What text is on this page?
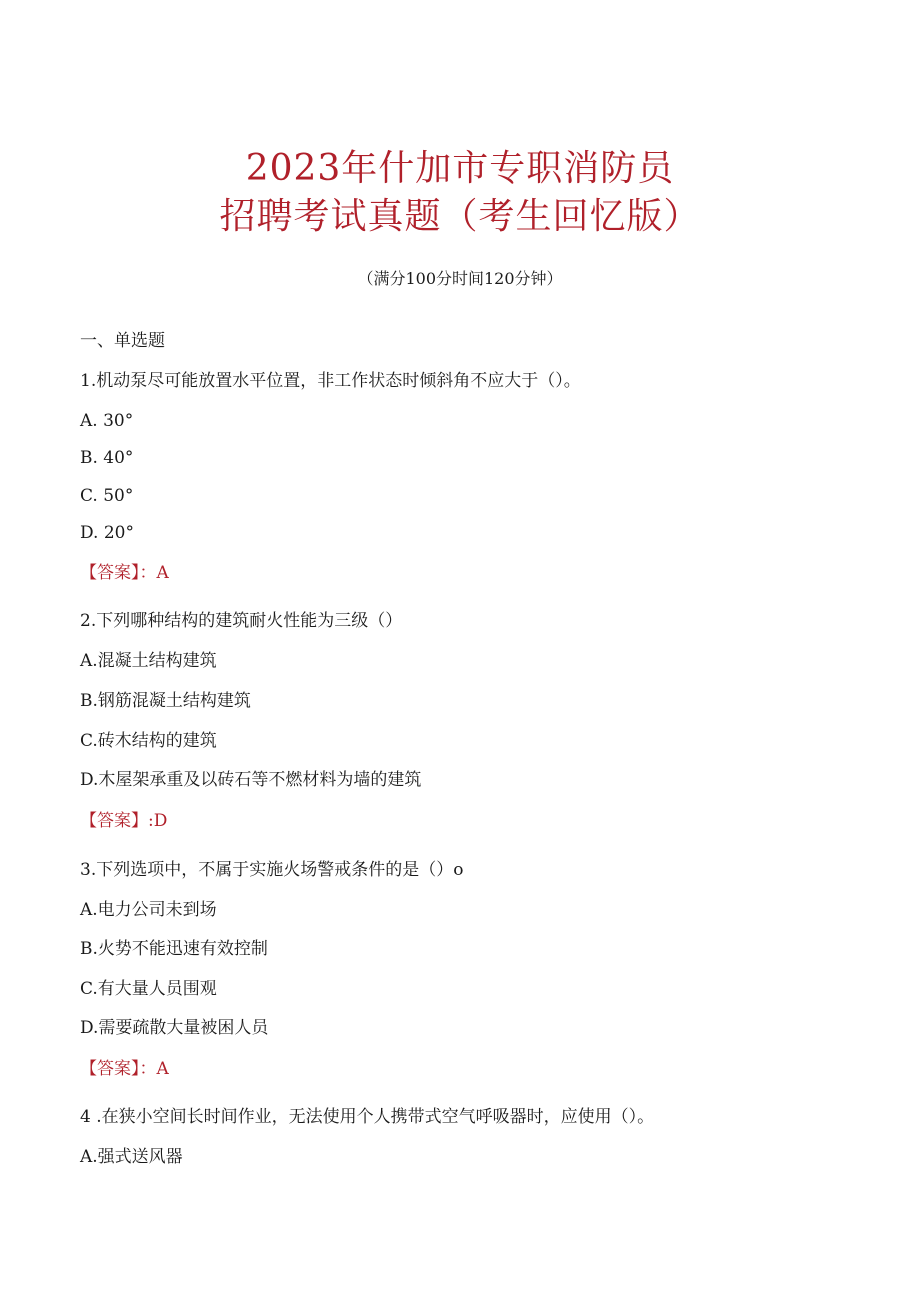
2023年什加市专职消防员
招聘考试真题（考生回忆版）
（满分100分时间120分钟）
一、单选题
1.机动泵尽可能放置水平位置，非工作状态时倾斜角不应大于（）。
A. 30°
B. 40°
C. 50°
D. 20°
【答案】：A
2.下列哪种结构的建筑耐火性能为三级（）
A.混凝土结构建筑
B.钢筋混凝土结构建筑
C.砖木结构的建筑
D.木屋架承重及以砖石等不燃材料为墙的建筑
【答案】:D
3.下列选项中，不属于实施火场警戒条件的是（）o
A.电力公司未到场
B.火势不能迅速有效控制
C.有大量人员围观
D.需要疏散大量被困人员
【答案】：A
4 .在狭小空间长时间作业，无法使用个人携带式空气呼吸器时，应使用（）。
A.强式送风器
